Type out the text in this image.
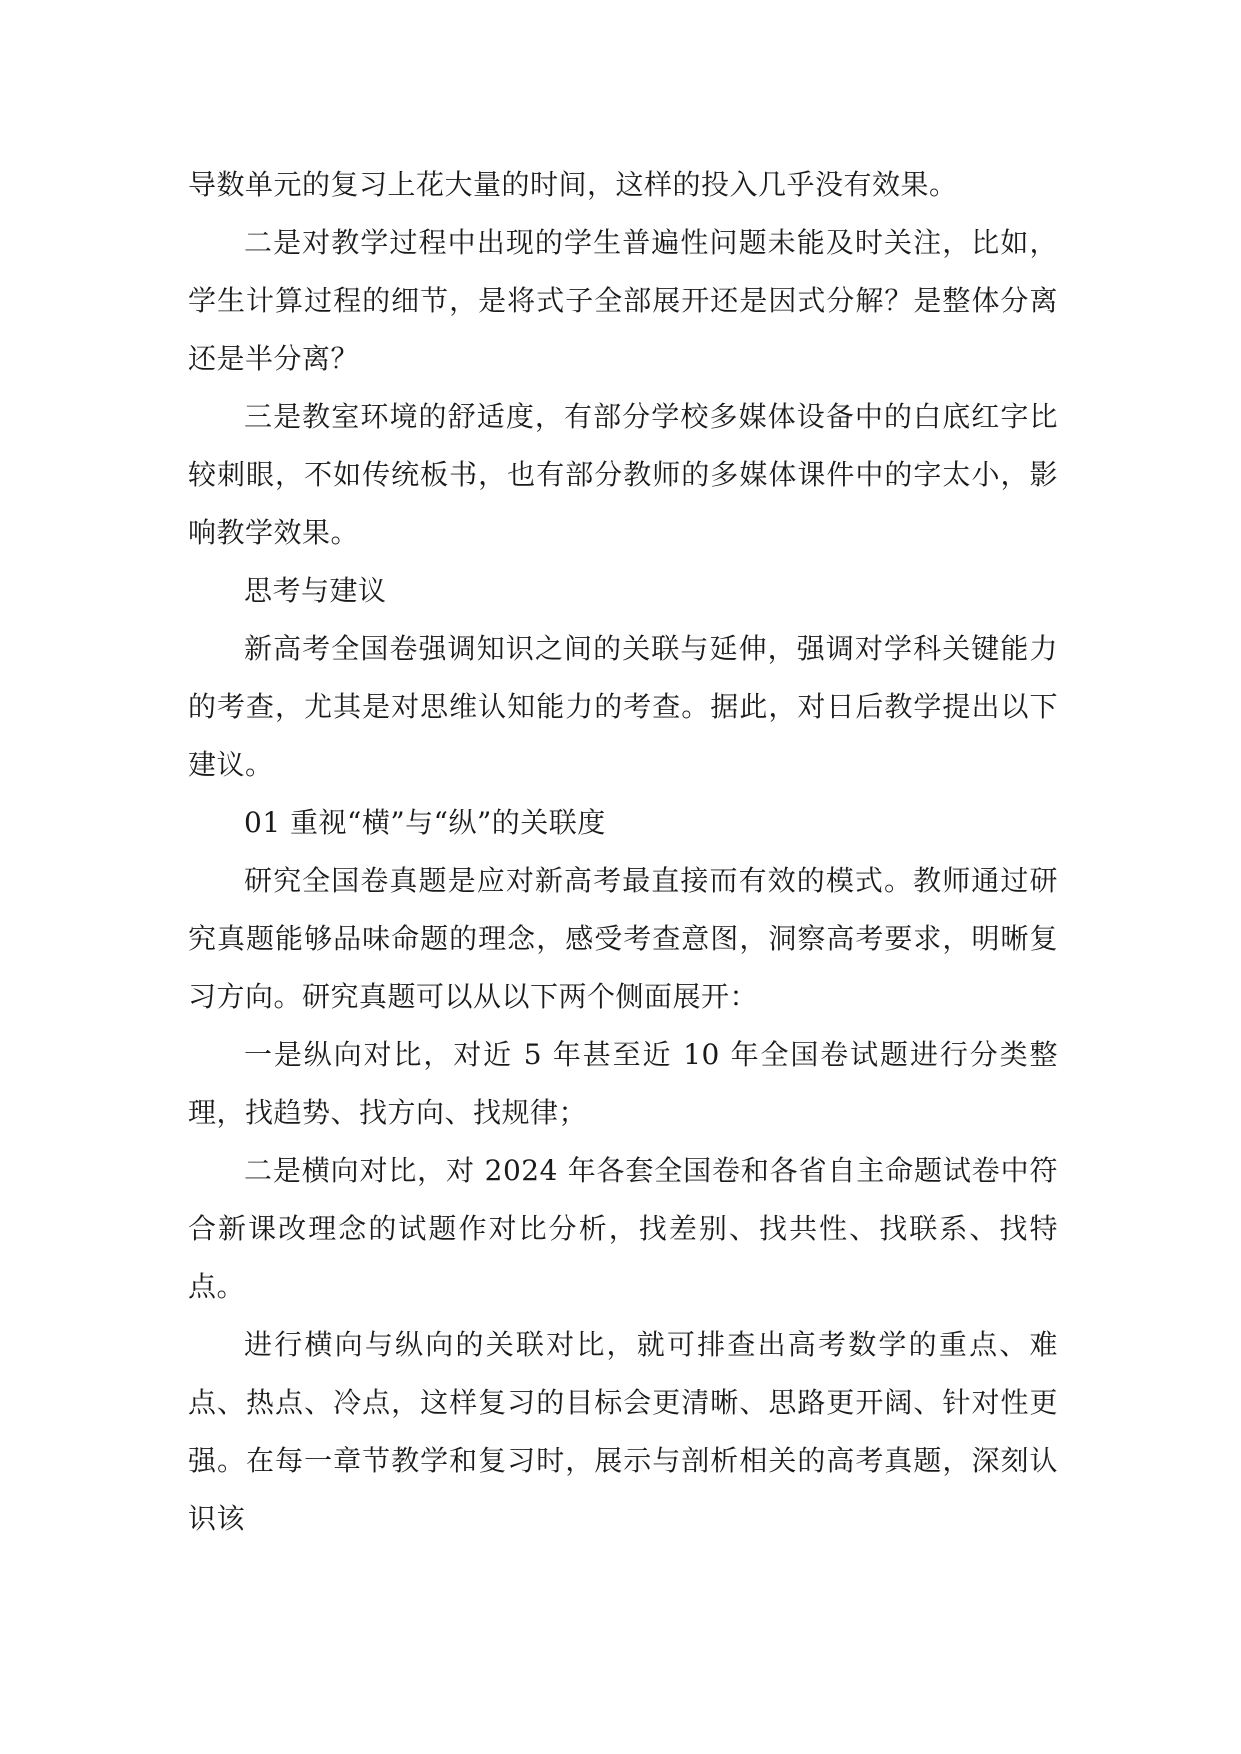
导数单元的复习上花大量的时间，这样的投入几乎没有效果。

二是对教学过程中出现的学生普遍性问题未能及时关注，比如，学生计算过程的细节，是将式子全部展开还是因式分解？是整体分离还是半分离？

三是教室环境的舒适度，有部分学校多媒体设备中的白底红字比较刺眼，不如传统板书，也有部分教师的多媒体课件中的字太小，影响教学效果。

思考与建议

新高考全国卷强调知识之间的关联与延伸，强调对学科关键能力的考查，尤其是对思维认知能力的考查。据此，对日后教学提出以下建议。

01 重视“横”与“纵”的关联度

研究全国卷真题是应对新高考最直接而有效的模式。教师通过研究真题能够品味命题的理念，感受考查意图，洞察高考要求，明晰复习方向。研究真题可以从以下两个侧面展开：

一是纵向对比，对近 5 年甚至近 10 年全国卷试题进行分类整理，找趋势、找方向、找规律；

二是横向对比，对 2024 年各套全国卷和各省自主命题试卷中符合新课改理念的试题作对比分析，找差别、找共性、找联系、找特点。

进行横向与纵向的关联对比，就可排查出高考数学的重点、难点、热点、冷点，这样复习的目标会更清晰、思路更开阔、针对性更强。在每一章节教学和复习时，展示与剖析相关的高考真题，深刻认识该
